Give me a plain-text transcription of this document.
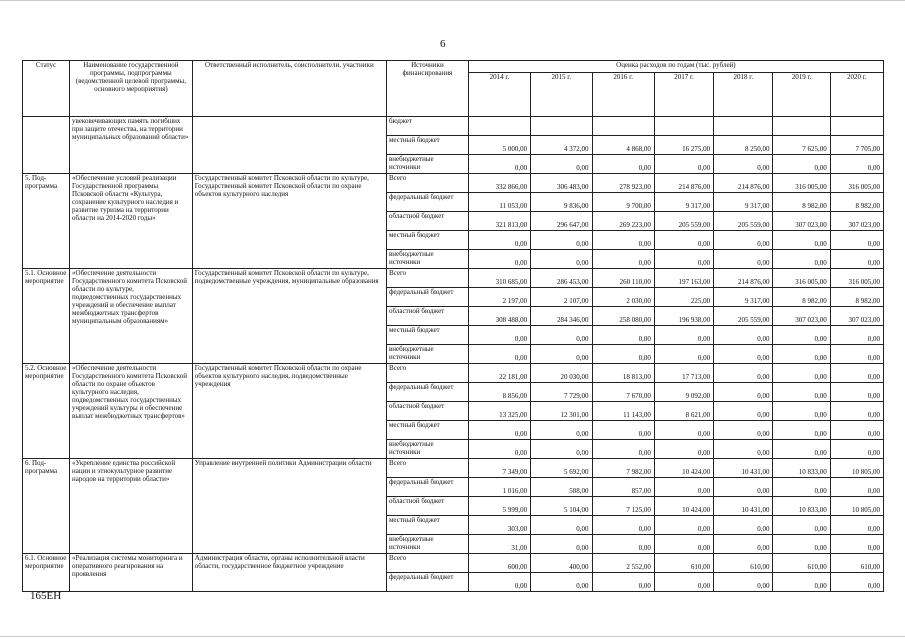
6
Статус	Наименование государственной программы, подпрограммы (ведомственной целевой программы, основного мероприятия)	Ответственный исполнитель, соисполнители, участники	Источники финансирования	Оценка расходов по годам (тыс. рублей)						
				2014 г.	2015 г.	2016 г.	2017 г.	2018 г.	2019 г.	2020 г.
	увековечивающих память погибших при защите отечества, на территории муниципальных образований области»		бюджет							
			местный бюджет	5 000,00	4 372,00	4 868,00	16 275,00	8 250,00	7 625,00	7 705,00
			внебюджетные источники	0,00	0,00	0,00	0,00	0,00	0,00	0,00
5. Под-программа	«Обеспечение условий реализации Государственной программы Псковской области «Культура, сохранение культурного наследия и развитие туризма на территории области на 2014-2020 годы»	Государственный комитет Псковской области по культуре, Государственный комитет Псковской области по охране объектов культурного наследия	Всего	332 866,00	306 483,00	278 923,00	214 876,00	214 876,00	316 005,00	316 005,00
			федеральный бюджет	11 053,00	9 836,00	9 700,00	9 317,00	9 317,00	8 982,00	8 982,00
			областной бюджет	321 813,00	296 647,00	269 223,00	205 559,00	205 559,00	307 023,00	307 023,00
			местный бюджет	0,00	0,00	0,00	0,00	0,00	0,00	0,00
			внебюджетные источники	0,00	0,00	0,00	0,00	0,00	0,00	0,00
5.1. Основное мероприятие	«Обеспечение деятельности Государственного комитета Псковской области по культуре, подведомственных государственных учреждений и обеспечение выплат межбюджетных трансфертов муниципальным образованиям»	Государственный комитет Псковской области по культуре, подведомственные учреждения, муниципальные образования	Всего	310 685,00	286 453,00	260 110,00	197 163,00	214 876,00	316 005,00	316 005,00
			федеральный бюджет	2 197,00	2 107,00	2 030,00	225,00	9 317,00	8 982,00	8 982,00
			областной бюджет	308 488,00	284 346,00	258 080,00	196 938,00	205 559,00	307 023,00	307 023,00
			местный бюджет	0,00	0,00	0,00	0,00	0,00	0,00	0,00
			внебюджетные источники	0,00	0,00	0,00	0,00	0,00	0,00	0,00
5.2. Основное мероприятие	«Обеспечение деятельности Государственного комитета Псковской области по охране объектов культурного наследия, подведомственных государственных учреждений культуры и обеспечение выплат межбюджетных трансфертов»	Государственный комитет Псковской области по охране объектов культурного наследия, подведомственные учреждения	Всего	22 181,00	20 030,00	18 813,00	17 713,00	0,00	0,00	0,00
			федеральный бюджет	8 856,00	7 729,00	7 670,00	9 092,00	0,00	0,00	0,00
			областной бюджет	13 325,00	12 301,00	11 143,00	8 621,00	0,00	0,00	0,00
			местный бюджет	0,00	0,00	0,00	0,00	0,00	0,00	0,00
			внебюджетные источники	0,00	0,00	0,00	0,00	0,00	0,00	0,00
6. Под-программа	«Укрепление единства российской нации и этнокультурное развитие народов на территории области»	Управление внутренней политики Администрации области	Всего	7 349,00	5 692,00	7 982,00	10 424,00	10 431,00	10 833,00	10 805,00
			федеральный бюджет	1 016,00	588,00	857,00	0,00	0,00	0,00	0,00
			областной бюджет	5 999,00	5 104,00	7 125,00	10 424,00	10 431,00	10 833,00	10 805,00
			местный бюджет	303,00	0,00	0,00	0,00	0,00	0,00	0,00
			внебюджетные источники	31,00	0,00	0,00	0,00	0,00	0,00	0,00
6.1. Основное мероприятие	«Реализация системы мониторинга и оперативного реагирования на проявления	Администрация области, органы исполнительной власти области, государственное бюджетное учреждение	Всего	600,00	400,00	2 552,00	610,00	610,00	610,00	610,00
			федеральный бюджет	0,00	0,00	0,00	0,00	0,00	0,00	0,00
165ЕН
